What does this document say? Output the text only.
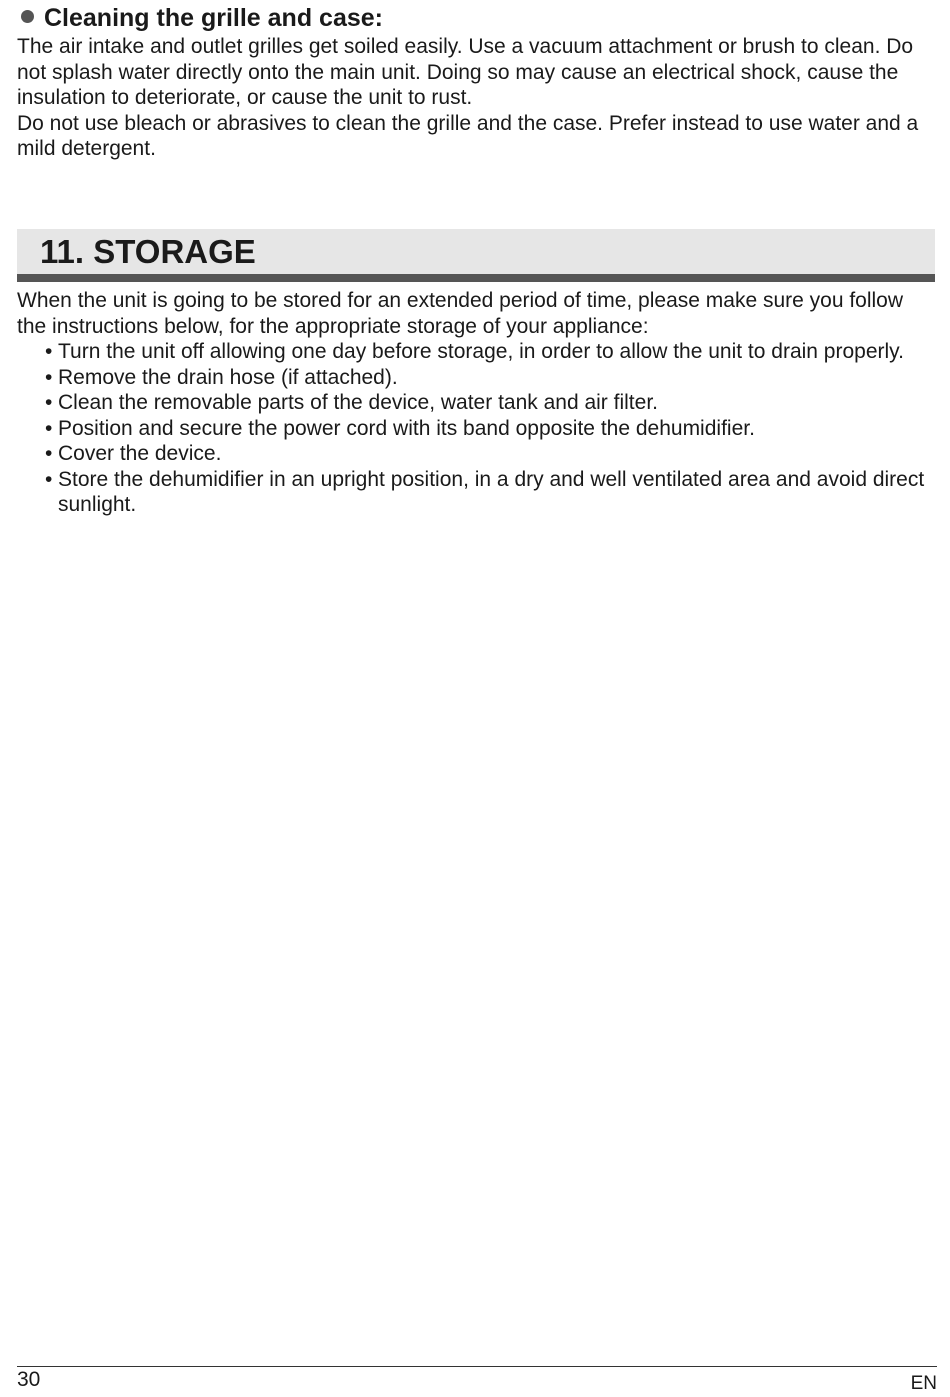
Cleaning the grille and case:

The air intake and outlet grilles get soiled easily. Use a vacuum attachment or brush to clean. Do not splash water directly onto the main unit. Doing so may cause an electrical shock, cause the insulation to deteriorate, or cause the unit to rust.

Do not use bleach or abrasives to clean the grille and the case. Prefer instead to use water and a mild detergent.

11. STORAGE

When the unit is going to be stored for an extended period of time, please make sure you follow the instructions below, for the appropriate storage of your appliance:

• Turn the unit off allowing one day before storage, in order to allow the unit to drain properly.
• Remove the drain hose (if attached).
• Clean the removable parts of the device, water tank and air filter.
• Position and secure the power cord with its band opposite the dehumidifier.
• Cover the device.
• Store the dehumidifier in an upright position, in a dry and well ventilated area and avoid direct sunlight.
30	EN
